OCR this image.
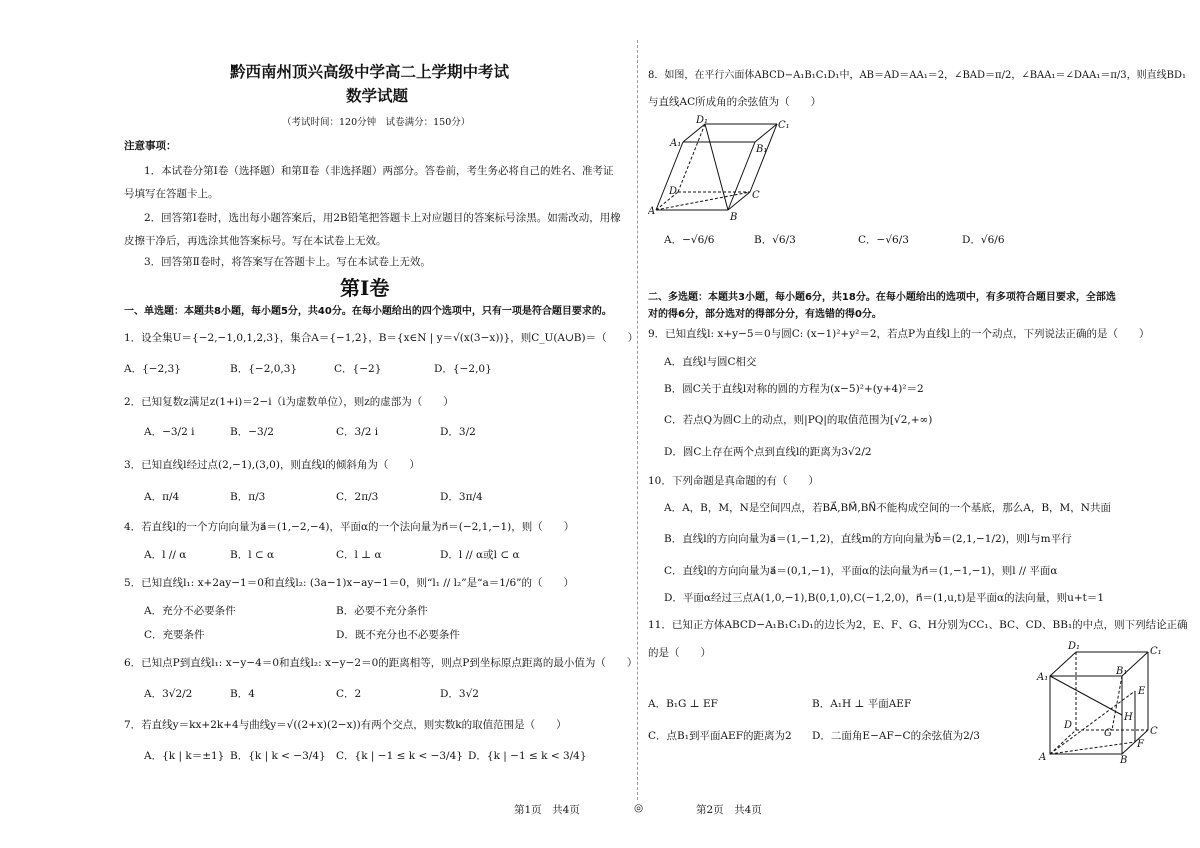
黔西南州顶兴高级中学高二上学期中考试
数学试题
（考试时间：120分钟　试卷满分：150分）
注意事项：
1．本试卷分第Ⅰ卷（选择题）和第Ⅱ卷（非选择题）两部分。答卷前，考生务必将自己的姓名、准考证
号填写在答题卡上。
2．回答第Ⅰ卷时，选出每小题答案后，用2B铅笔把答题卡上对应题目的答案标号涂黑。如需改动，用橡
皮擦干净后，再选涂其他答案标号。写在本试卷上无效。
3．回答第Ⅱ卷时，将答案写在答题卡上。写在本试卷上无效。
第Ⅰ卷
一、单选题：本题共8小题，每小题5分，共40分。在每小题给出的四个选项中，只有一项是符合题目要求的。
1．设全集U＝{−2,−1,0,1,2,3}，集合A＝{−1,2}，B＝{x∈N | y＝√(x(3−x))}，则C_U(A∪B)＝（　　）
A．{−2,3}	B．{−2,0,3}	C．{−2}	D．{−2,0}
2．已知复数z满足z(1+i)＝2−i（i为虚数单位），则z的虚部为（　　）
A．−3/2 i	B．−3/2	C．3/2 i	D．3/2
3．已知直线l经过点(2,−1),(3,0)，则直线l的倾斜角为（　　）
A．π/4	B．π/3	C．2π/3	D．3π/4
4．若直线l的一个方向向量为a⃗＝(1,−2,−4)，平面α的一个法向量为n⃗＝(−2,1,−1)，则（　　）
A．l // α	B．l ⊂ α	C．l ⊥ α	D．l // α或l ⊂ α
5．已知直线l₁: x+2ay−1＝0和直线l₂: (3a−1)x−ay−1＝0，则“l₁ // l₂”是“a＝1/6”的（　　）
A．充分不必要条件	B．必要不充分条件
C．充要条件	D．既不充分也不必要条件
6．已知点P到直线l₁: x−y−4＝0和直线l₂: x−y−2＝0的距离相等，则点P到坐标原点距离的最小值为（　　）
A．3√2/2	B．4	C．2	D．3√2
7．若直线y＝kx+2k+4与曲线y＝√((2+x)(2−x))有两个交点，则实数k的取值范围是（　　）
A．{k | k＝±1} B．{k | k < −3/4} C．{k | −1 ≤ k < −3/4} D．{k | −1 ≤ k < 3/4}
8．如图，在平行六面体ABCD−A₁B₁C₁D₁中，AB＝AD＝AA₁＝2，∠BAD＝π/2，∠BAA₁＝∠DAA₁＝π/3，则直线BD₁
与直线AC所成角的余弦值为（　　）
A
B
C
D
A₁
B₁
C₁
D₁
A．−√6/6	B．√6/3	C．−√6/3	D．√6/6
二、多选题：本题共3小题，每小题6分，共18分。在每小题给出的选项中，有多项符合题目要求，全部选
对的得6分，部分选对的得部分分，有选错的得0分。
9．已知直线l: x+y−5＝0与圆C: (x−1)²+y²＝2，若点P为直线l上的一个动点，下列说法正确的是（　　）
A．直线l与圆C相交
B．圆C关于直线l对称的圆的方程为(x−5)²+(y+4)²＝2
C．若点Q为圆C上的动点，则|PQ|的取值范围为[√2,+∞)
D．圆C上存在两个点到直线l的距离为3√2/2
10．下列命题是真命题的有（　　）
A．A，B，M，N是空间四点，若BA⃗,BM⃗,BN⃗不能构成空间的一个基底，那么A，B，M，N共面
B．直线l的方向向量为a⃗＝(1,−1,2)，直线m的方向向量为b⃗＝(2,1,−1/2)，则l与m平行
C．直线l的方向向量为a⃗＝(0,1,−1)，平面α的法向量为n⃗＝(1,−1,−1)，则l // 平面α
D．平面α经过三点A(1,0,−1),B(0,1,0),C(−1,2,0)，n⃗＝(1,u,t)是平面α的法向量，则u+t＝1
11．已知正方体ABCD−A₁B₁C₁D₁的边长为2，E、F、G、H分别为CC₁、BC、CD、BB₁的中点，则下列结论正确
的是（　　）
A．B₁G ⊥ EF	B．A₁H ⊥ 平面AEF
C．点B₁到平面AEF的距离为2 D．二面角E−AF−C的余弦值为2/3
A	B
C
D
A₁
B₁
C₁
D₁
E
F
G
H
第1页　共4页	◎	第2页　共4页
